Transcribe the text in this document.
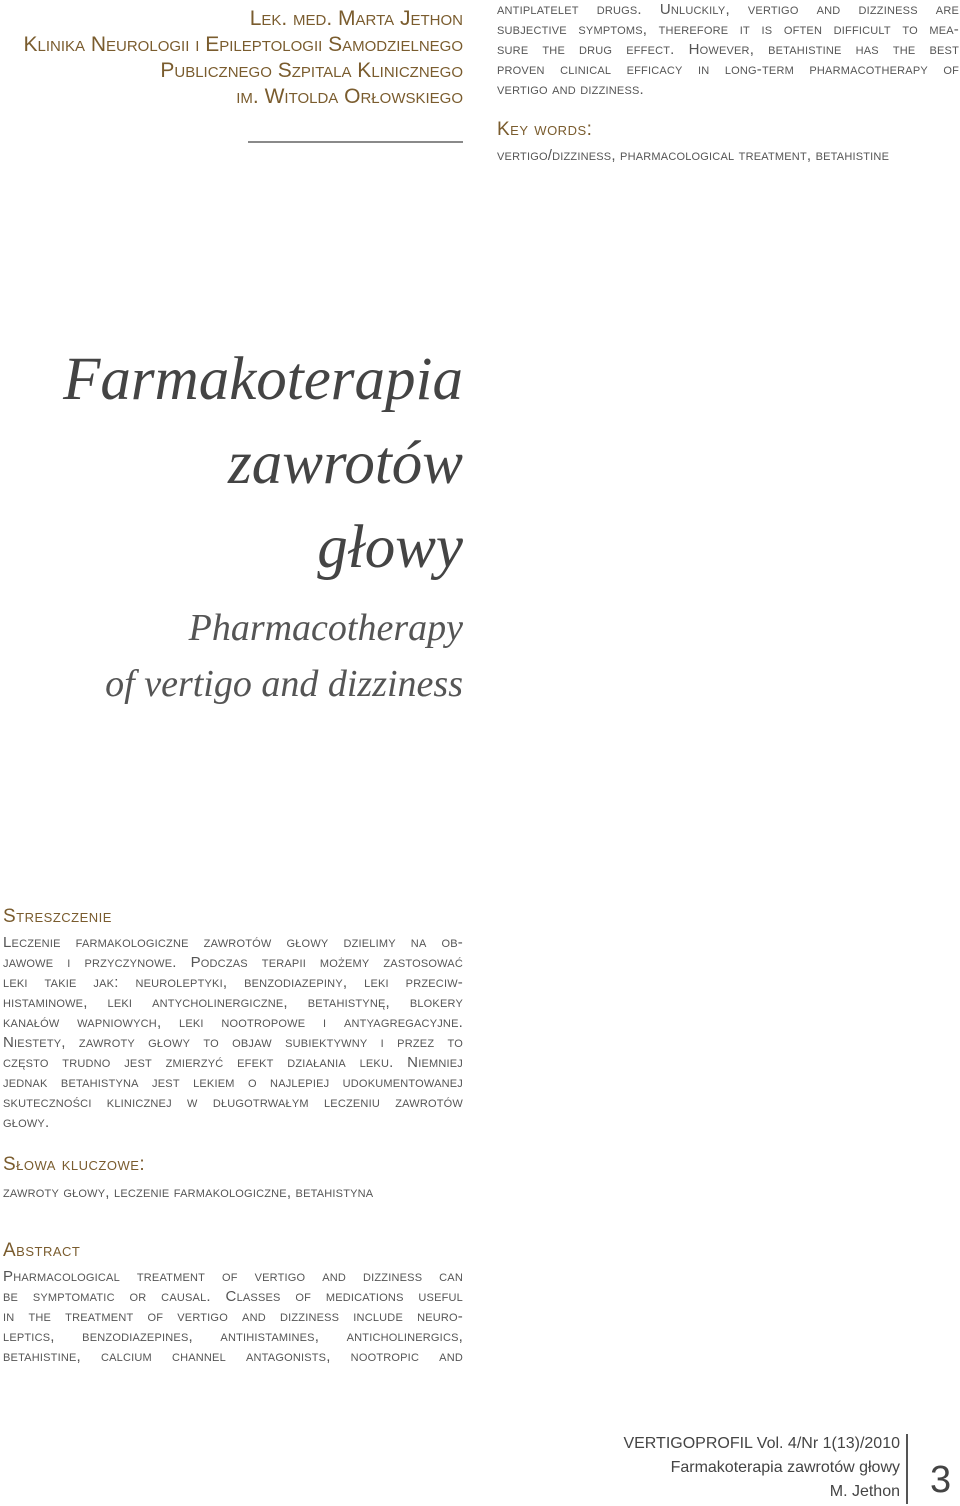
Lek. med. Marta Jethon
Klinika Neurologii i Epileptologii Samodzielnego
Publicznego Szpitala Klinicznego
im. Witolda Orłowskiego
antiplatelet drugs. Unluckily, vertigo and dizziness are
subjective symptoms, therefore it is often difficult to mea-
sure the drug effect. However, betahistine has the best
proven clinical efficacy in long-term pharmacotherapy of
vertigo and dizziness.
Key words:
vertigo/dizziness, pharmacological treatment, betahistine
Farmakoterapia
zawrotów
głowy
Pharmacotherapy
of vertigo and dizziness
Streszczenie
Leczenie farmakologiczne zawrotów głowy dzielimy na ob-
jawowe i przyczynowe. Podczas terapii możemy zastosować
leki takie jak: neuroleptyki, benzodiazepiny, leki przeciw-
histaminowe, leki antycholinergiczne, betahistynę, blokery
kanałów wapniowych, leki nootropowe i antyagregacyjne.
Niestety, zawroty głowy to objaw subiektywny i przez to
często trudno jest zmierzyć efekt działania leku. Niemniej
jednak betahistyna jest lekiem o najlepiej udokumentowanej
skuteczności klinicznej w długotrwałym leczeniu zawrotów
głowy.
Słowa kluczowe:
zawroty głowy, leczenie farmakologiczne, betahistyna
Abstract
Pharmacological treatment of vertigo and dizziness can
be symptomatic or causal. Classes of medications useful
in the treatment of vertigo and dizziness include neuro-
leptics, benzodiazepines, antihistamines, anticholinergics,
betahistine, calcium channel antagonists, nootropic and
VERTIGOPROFIL Vol. 4/Nr 1(13)/2010
Farmakoterapia zawrotów głowy
M. Jethon 3
